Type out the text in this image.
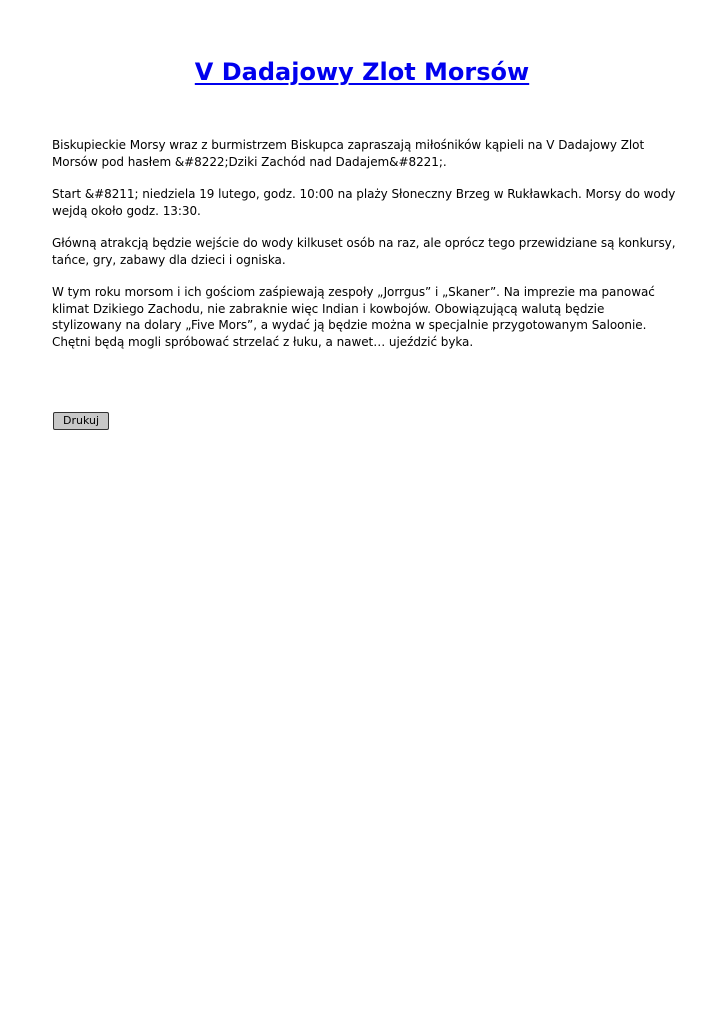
V Dadajowy Zlot Morsów

Biskupieckie Morsy wraz z burmistrzem Biskupca zapraszają miłośników kąpieli na V Dadajowy Zlot Morsów pod hasłem &#8222;Dziki Zachód nad Dadajem&#8221;.

Start &#8211; niedziela 19 lutego, godz. 10:00 na plaży Słoneczny Brzeg w Rukławkach. Morsy do wody wejdą około godz. 13:30.

Główną atrakcją będzie wejście do wody kilkuset osób na raz, ale oprócz tego przewidziane są konkursy, tańce, gry, zabawy dla dzieci i ogniska.

W tym roku morsom i ich gościom zaśpiewają zespoły „Jorrgus” i „Skaner”. Na imprezie ma panować klimat Dzikiego Zachodu, nie zabraknie więc Indian i kowbojów. Obowiązującą walutą będzie stylizowany na dolary „Five Mors”, a wydać ją będzie można w specjalnie przygotowanym Saloonie. Chętni będą mogli spróbować strzelać z łuku, a nawet… ujeździć byka.

Drukuj
